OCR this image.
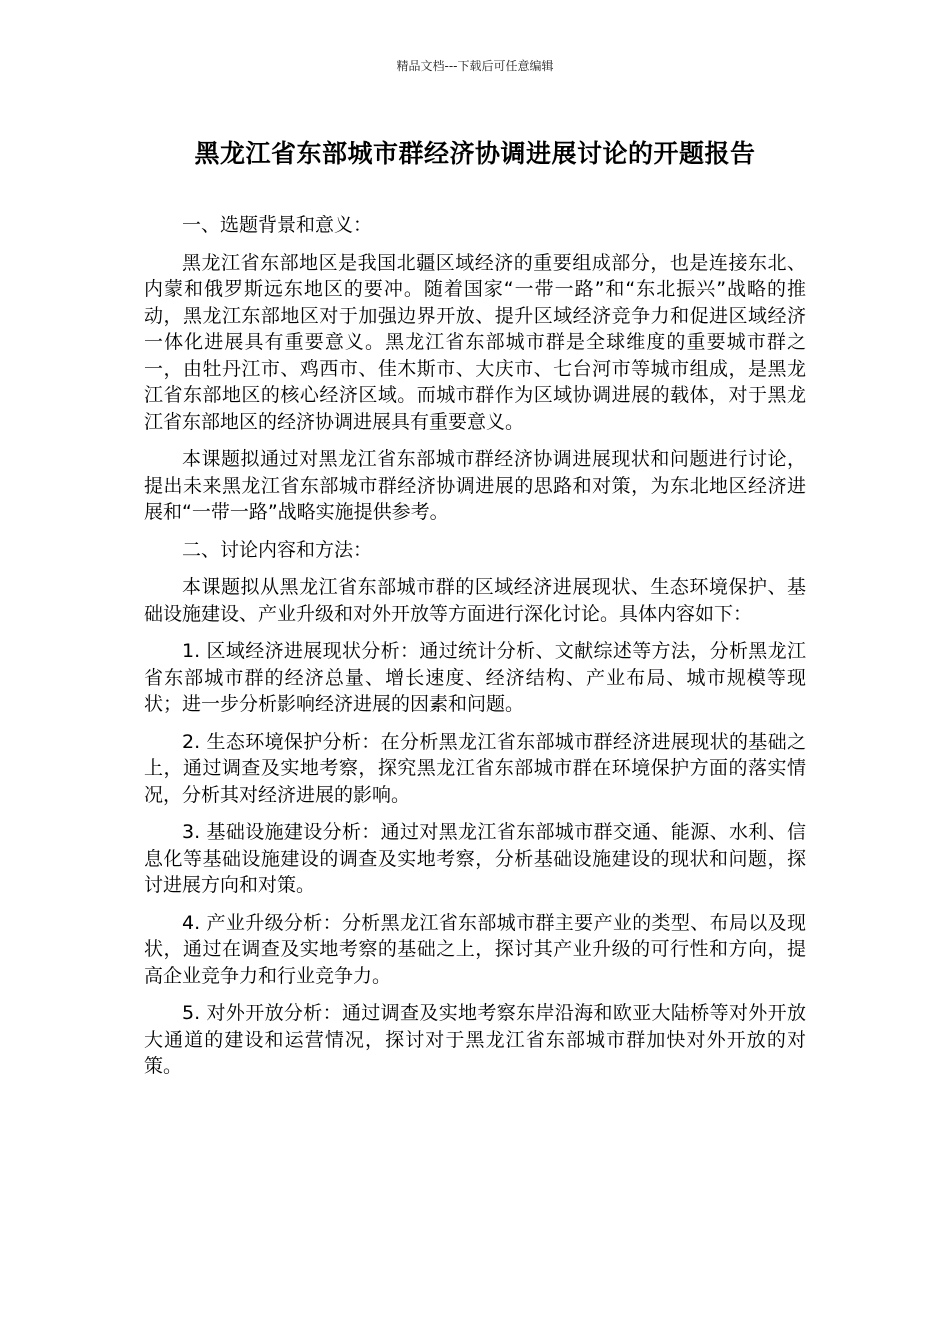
精品文档---下载后可任意编辑
黑龙江省东部城市群经济协调进展讨论的开题报告

一、选题背景和意义：

黑龙江省东部地区是我国北疆区域经济的重要组成部分，也是连接东北、内蒙和俄罗斯远东地区的要冲。随着国家“一带一路”和“东北振兴”战略的推动，黑龙江东部地区对于加强边界开放、提升区域经济竞争力和促进区域经济一体化进展具有重要意义。黑龙江省东部城市群是全球维度的重要城市群之一，由牡丹江市、鸡西市、佳木斯市、大庆市、七台河市等城市组成，是黑龙江省东部地区的核心经济区域。而城市群作为区域协调进展的载体，对于黑龙江省东部地区的经济协调进展具有重要意义。

本课题拟通过对黑龙江省东部城市群经济协调进展现状和问题进行讨论，提出未来黑龙江省东部城市群经济协调进展的思路和对策，为东北地区经济进展和“一带一路”战略实施提供参考。

二、讨论内容和方法：

本课题拟从黑龙江省东部城市群的区域经济进展现状、生态环境保护、基础设施建设、产业升级和对外开放等方面进行深化讨论。具体内容如下：

1. 区域经济进展现状分析：通过统计分析、文献综述等方法，分析黑龙江省东部城市群的经济总量、增长速度、经济结构、产业布局、城市规模等现状；进一步分析影响经济进展的因素和问题。

2. 生态环境保护分析：在分析黑龙江省东部城市群经济进展现状的基础之上，通过调查及实地考察，探究黑龙江省东部城市群在环境保护方面的落实情况，分析其对经济进展的影响。

3. 基础设施建设分析：通过对黑龙江省东部城市群交通、能源、水利、信息化等基础设施建设的调查及实地考察，分析基础设施建设的现状和问题，探讨进展方向和对策。

4. 产业升级分析：分析黑龙江省东部城市群主要产业的类型、布局以及现状，通过在调查及实地考察的基础之上，探讨其产业升级的可行性和方向，提高企业竞争力和行业竞争力。

5. 对外开放分析：通过调查及实地考察东岸沿海和欧亚大陆桥等对外开放大通道的建设和运营情况，探讨对于黑龙江省东部城市群加快对外开放的对策。
